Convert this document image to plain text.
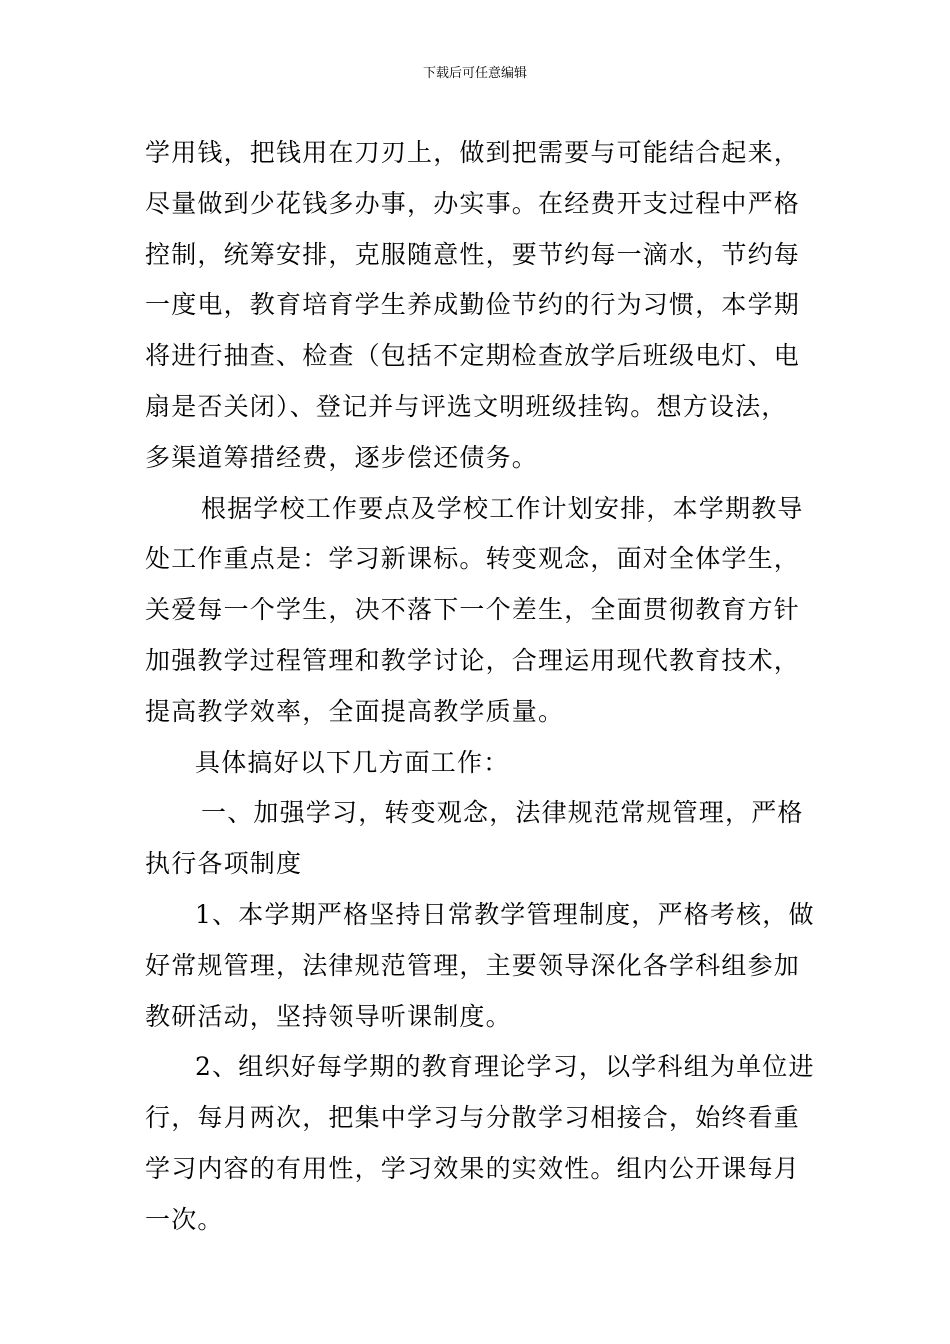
下载后可任意编辑
学用钱，把钱用在刀刃上，做到把需要与可能结合起来，
尽量做到少花钱多办事，办实事。在经费开支过程中严格
控制，统筹安排，克服随意性，要节约每一滴水，节约每
一度电，教育培育学生养成勤俭节约的行为习惯，本学期
将进行抽查、检查（包括不定期检查放学后班级电灯、电
扇是否关闭）、登记并与评选文明班级挂钩。想方设法，
多渠道筹措经费，逐步偿还债务。
根据学校工作要点及学校工作计划安排，本学期教导
处工作重点是：学习新课标。转变观念，面对全体学生，
关爱每一个学生，决不落下一个差生，全面贯彻教育方针
加强教学过程管理和教学讨论，合理运用现代教育技术，
提高教学效率，全面提高教学质量。
具体搞好以下几方面工作：
一、加强学习，转变观念，法律规范常规管理，严格
执行各项制度
1、本学期严格坚持日常教学管理制度，严格考核，做
好常规管理，法律规范管理，主要领导深化各学科组参加
教研活动，坚持领导听课制度。
2、组织好每学期的教育理论学习，以学科组为单位进
行，每月两次，把集中学习与分散学习相接合，始终看重
学习内容的有用性，学习效果的实效性。组内公开课每月
一次。
